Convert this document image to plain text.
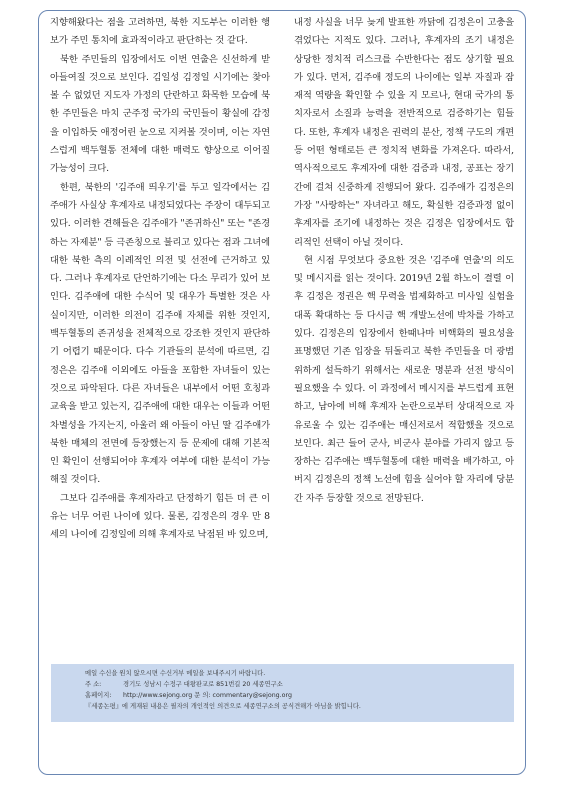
지향해왔다는 점을 고려하면, 북한 지도부는 이러한 행보가 주민 통치에 효과적이라고 판단하는 것 같다.

북한 주민들의 입장에서도 이번 연출은 신선하게 받아들여질 것으로 보인다. 김일성 김정일 시기에는 찾아볼 수 없었던 지도자 가정의 단란하고 화목한 모습에 북한 주민들은 마치 군주정 국가의 국민들이 황실에 감정을 이입하듯 애정어린 눈으로 지켜볼 것이며, 이는 자연스럽게 백두혈통 전체에 대한 매력도 향상으로 이어질 가능성이 크다.

한편, 북한의 '김주애 띄우기'를 두고 일각에서는 김주애가 사실상 후계자로 내정되었다는 주장이 대두되고 있다. 이러한 견해들은 김주애가 "존귀하신" 또는 "존경하는 자제분" 등 극존칭으로 불리고 있다는 점과 그녀에 대한 북한 측의 이례적인 의전 및 선전에 근거하고 있다. 그러나 후계자로 단언하기에는 다소 무리가 있어 보인다. 김주애에 대한 수식어 및 대우가 특별한 것은 사실이지만, 이러한 의전이 김주애 자체를 위한 것인지, 백두혈통의 존귀성을 전체적으로 강조한 것인지 판단하기 어렵기 때문이다. 다수 기관들의 분석에 따르면, 김정은은 김주애 이외에도 아들을 포함한 자녀들이 있는 것으로 파악된다. 다른 자녀들은 내부에서 어떤 호칭과 교육을 받고 있는지, 김주애에 대한 대우는 이들과 어떤 차별성을 가지는지, 아울러 왜 아들이 아닌 딸 김주애가 북한 매체의 전면에 등장했는지 등 문제에 대해 기본적인 확인이 선행되어야 후계자 여부에 대한 분석이 가능해질 것이다.

그보다 김주애를 후계자라고 단정하기 힘든 더 큰 이유는 너무 어린 나이에 있다. 물론, 김정은의 경우 만 8세의 나이에 김정일에 의해 후계자로 낙점된 바 있으며,

내정 사실을 너무 늦게 발표한 까닭에 김정은이 고충을 겪었다는 지적도 있다. 그러나, 후계자의 조기 내정은 상당한 정치적 리스크를 수반한다는 점도 상기할 필요가 있다. 먼저, 김주애 정도의 나이에는 일부 자질과 잠재적 역량을 확인할 수 있을 지 모르나, 현대 국가의 통치자로서 소질과 능력을 전반적으로 검증하기는 힘들다. 또한, 후계자 내정은 권력의 분산, 정책 구도의 개편 등 어떤 형태로든 큰 정치적 변화를 가져온다. 따라서, 역사적으로도 후계자에 대한 검증과 내정, 공표는 장기간에 걸쳐 신중하게 진행되어 왔다. 김주애가 김정은의 가장 "사랑하는" 자녀라고 해도, 확실한 검증과정 없이 후계자를 조기에 내정하는 것은 김정은 입장에서도 합리적인 선택이 아닐 것이다.

현 시점 무엇보다 중요한 것은 '김주애 연출'의 의도 및 메시지를 읽는 것이다. 2019년 2월 하노이 결렬 이후 김정은 정권은 핵 무력을 법제화하고 미사일 실험을 대폭 확대하는 등 다시금 핵 개발노선에 박차를 가하고 있다. 김정은의 입장에서 한때나마 비핵화의 필요성을 표명했던 기존 입장을 뒤돌리고 북한 주민들을 더 광범위하게 설득하기 위해서는 새로운 명분과 선전 방식이 필요했을 수 있다. 이 과정에서 메시지를 부드럽게 표현하고, 남아에 비해 후계자 논란으로부터 상대적으로 자유로울 수 있는 김주애는 매신저로서 적합했을 것으로 보인다. 최근 들어 군사, 비군사 분야를 가리지 않고 등장하는 김주애는 백두혈통에 대한 매력을 배가하고, 아버지 김정은의 정책 노선에 힘을 실어야 할 자리에 당분간 자주 등장할 것으로 전망된다.

메일 수신을 원치 않으시면 수신거부 메일을 보내주시기 바랍니다.
주 소:	경기도 성남시 수정구 대왕판교로 851번길 20 세종연구소
홈페이지: http://www.sejong.org 문 의: commentary@sejong.org
『세종논평』에 게재된 내용은 필자의 개인적인 의견으로 세종연구소의 공식견해가 아님을 밝힙니다.
